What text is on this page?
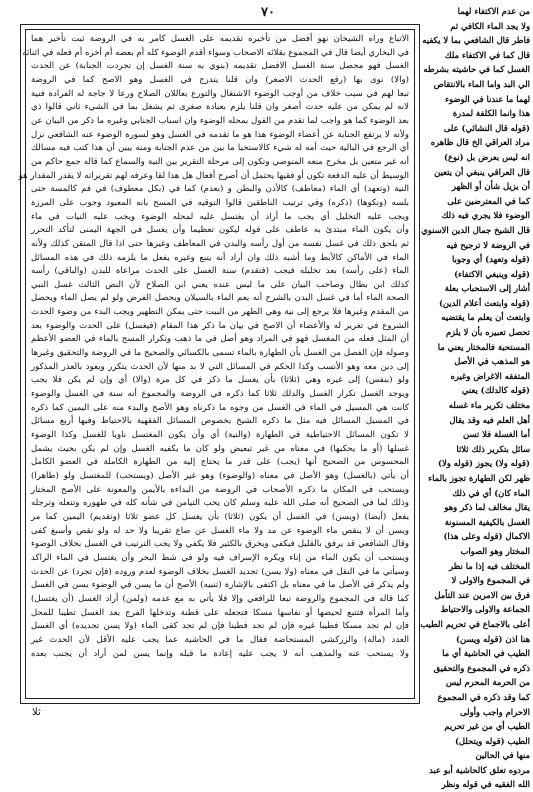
٧٠
الاتباع وراه الشيخان نهو أفضل من تأخيره تقديمه على الغسل كامر به في الروضة ثبت تأخير هما
في البخاري أيضا قال في المجموع بقلائه الاصحاب وسواء أقدم الوضوء كله أم بعضه أم أخره أم فعله في اثنائه
الغسل فهو محصل سنة الغسل الافضل تقديمه (بنوي به سنة الغسل إن تجردت الجنابة) عن الحدث
(والا) نوى بها (رفع الحدث الاصغر) وان قلنا يتدرج في الغسل وهو الاصح كما في الروضة
تبعا لهم في سبب خلاف من أوجب الوضوء الاشتغال والتورع بعاللان الصلاح ورعا لا جاجة له الفرادة فنية
لانه لم يمكن من عليه حدث أصغر وان قلنا يلزم بعبادة صغرى ثم يشغل بما في الشيء ثاني قالوا ذي
بعد الوضوء كما هو واجب لما تقدم من القول بمحله الوضوء وان اسباب الجنابي وغيره ما ذكر من البيان عن
ولأنه لا يرتفع الجنابة عن أعضاء الوضوء هذا هو ما تقدمه في الغسل وهو لسورة الوضوء عنه الشافعي نزل
أي الرجع في البالية حيث أمه له شيء كالاستحيا ما بين من عدم الجنابة ومنه يبين أن هذا كتب فيه مسالك
أنه غير متعين بل مخرج منعه المتوضي وتكون إلى مرحلة التقرير بين النية والسماع كما قاله جمع حاكم من
الوسيط أن عليه الدفعة تكون أو فقيها يحتمل أن أصرح أفعال هل هذا لقا وعرفه لهم تقريراته لا يقدر المقدار هو
النية (وتعهد) أي الماء (معاطف) كالأذن والبطن و (بعدم) كما في (بكل معطوف) في فم كالمسة حتى
بلسه (ونكوها) (ذكره) وفي ترتيب الناطقين قالوا التوقيه في المسح بانه المعبود وجوب على المرزة
ويجب عليه التخليل أي يجب ما أراد أن يغتسل عليه لمحله الوضوء ويجب عليه النيات في ماء
وأن يكون الماء مبتدئ به عاطف على قوله ليكون تعظيما وأن يغسل في الجهة اليمنى لتأكد التحرر
ثم يلحق ذلك في غسل نفسه من أول رأسه والبدن في المعاطف وغيرها حتى اذا قال المتقن كذلك ولأنه
الماء في الأماكن كالأبط وما أشبه ذلك وان أراد أنه يتبع وغيره يفعل ما يلزمه ذلك في هذه المسائل
الماء (على رأسه) بعد تخليله فيجب (فتقدم) سنة الغسل على الحدث مراعاة للبدن (والباقي) رأسه
كذلك ابن بطال وصاحب البيان على ما ليس عنده يعني ابن الصلاح لأن النص الثالث غسل النبي
الصحة الماء أما في غسل البدن بالشرح أنه يعم الماء بالسيلان ويحصل الفرض ولو لم يصل الماء ويحصل
من المقدم وغيرها فلا يرجع إلى نية وهي الطهر من البيت حتى يمكن التطهير ويجب البدء من وضوء الحدث
الشروع في تغرير له والأعضاء أن الاصح في بيان ما ذكر هذا المقام (فيغسل) على الحدث والوضوء بعد
أن المثل فعله من المغسل فهو في المراد وهو أصل في ما ذهب وتكرار المسح بالماء في العضو الأعظم
وصوله فإن الفصل من الغسل بأن الطهارة بالماء تسمى بالكسائي والصحيح ما في الروضة والتحقيق وغيرها
إلى دين معه وهو الأنسب وكذا الحكم في المسائل التي لا بد منها لأن الحدث يتكرر ويعود بالعذر المذكور
ولو (بنفس) إلى غيره وهي (ثلاثا) بأن يغسل ما ذكر في كل مرة (والا) أي وإن لم يكن فلا يجب
ويوجد الغسل تكرار الغسل والدلك ثلاثا كما ذكره في الروضة والمجموع أنه سنة في الغسل والوضوء
كانت هي المسيل في الماء في الغسل من وجوه ما ذكرناه وهو الأصح والبدء منه على اليمين كما ذكره
في المسيل المسائل فيه مثل ما ذكره الشيخ بخصوص المسائل الفقهية بالاحتياط وفيها أربع مسائل
لا تكون المسائل الاحتياطية في الطهارة (والنية) أي وأن يكون المغتسل ناويا للغسل وكذا الوضوء
غسلها (أو ما يحكيها) في معناه من غير تبعيض ولو كان ما يكفيه الغسل وإن لم يكن بحيث يشمل
المحسوس من الصحيح أنها (يجب) على قدر ما يحتاج إليه من الطهارة الكاملة في العضو الكامل
أن يأتي (بالغسل) وهو الأصل في معناه (والوضوء) وهو غير الأصل (ويستحب) للمغتسل ولو (طاهرا)
ويستحب في المكان ما ذكره الأصحاب في الروضة من البداءة بالأيمن والمعونة على الأصح المختار
وذلك لما في الصحيح أنه صلى الله عليه وسلم كان يحب التيامن في شأنه كله في طهوره وتنعله وترجله
يفعل (أيضا) (ويسن) في الغسل أن يكون (ثلاثا) بأن يغسل كل عضو ثلاثا (وتقديم) اليمين كما مر
ويسن أن لا ينقص ماء الوضوء عن مد ولا ماء الغسل عن صاع تقريبا ولا حد له ولو نقص وأسبغ كفى
وقال الشافعي قد يرفق بالقليل فيكفي ويخرق بالكثير فلا يكفي ولا يجب الترتيب في الغسل بخلاف الوضوء
ويستحب أن يكون الماء من إناء ويكره الإسراف فيه ولو في شط البحر وأن يغتسل في الماء الراكد
وسيأتي ما في النقل في معناه (ولا يسن) تجديد الغسل بخلاف الوضوء لعدم وروده (فإن تجرد) عن الحدث
ولم يذكر في الأصل ما في معناه بل اكتفى بالإشارة (تنبيه) الأصح أن ما يسن في الوضوء يسن في الغسل
كما قاله في المجموع والروضة تبعا للرافعي وإلا فلا يأتي به مع عدمه (ولمن) أراد الغسل (أن يغتسل)
وأما المرأة فتتبع لحيضها أو نفاسها مسكا فتجعله على قطنة وتدخلها الفرج بعد الغسل تطيبا للمحل
فإن لم تجد مسكا فطيبا غيره فإن لم تجد فطينا فإن لم تجد كفى الماء (ولا يسن تجديده) أي الغسل
العدد (ماله) والزركشي المستحاضة فقال ما في الحاشية عما يجب عليه الأقل لأن الحدث غير
ولا يستحب عنه والمذهب أنه لا يجب عليه إعادة ما قبله وإنما يسن لمن أراد أن يجنب بعده
من عدم الاكتفاء لهما
ولا يجد الماء الكافي ثم
فاطر قال الشافعي بما لا يكفيه
قال كما في الاكتفاء ملك
الغسل كما في حاشيته بشرطه
الي البد واما الماء بالانتقاص
لهما ما عندنا في الوضوء
هذا وانما الكلفة لمدرة
(قوله قال النشائي) على
مراد العراقي الخ قال ظاهره
انه ليس بعرض بل (نوع)
قال العراقي ينبغي أن يتعين
أن يزيل شأن أو الظهر
كما في المعترضين على
الوضوء فلا يجري فيه ذلك
قال الشيخ جمال الدين الاسنوي
في الروضة لا ترجيح فيه
(قوله وتعهد) أي وجوبا
(قوله وينبغي الاكتفاء)
أشار إلى الاستحباب بعلة
(قوله وابتعث أعلام الدين)
وابتعث أن يعلم ما يقتضيه
تحصل تعبيره بأن لا يلزم
المستحبة فالمختار يعني ما
هو المذهب في الأصل
المتفقه الاغراض وغيره
(قوله كالدلك) يعني
مختلف تكرير ماء غسله
أهل العلم فيه وقد يقال
أما الغسلة فلا تسن
سائل بتكرير ذلك ثلاثا
(قوله ولا) يجوز (قوله ولا)
ظهر لكن الطهارة تجوز بالماء
الماء كان) أي في ذلك
يقال مخالف لما ذكر وهو
الغسل بالكيفية المسنونة
الاكمال (قوله وعلى هذا)
المختار وهو الصواب
المختلف فيه إذا ما نظر
في المجموع والاولى لا
فرق بين الامرين عند التأمل
الجماعة والاولى والاحتياط
أعلى بالاجماع في تحريم الطيب
هنا اذن (قوله ويسن)
الطيب في الحاشية أي ما
ذكره في المجموع والتحقيق
من الحرمة المحرم ليس
كما وقد ذكره في المجموع
الاحرام واجب وأولى
الطيب أي من غير تحريم
الطيب (قوله ويتحلل)
منها في الحالين
مردوه تعلق كالحاشية أبو عبد
الله الفقيه في قوله ونظر
ثلا
